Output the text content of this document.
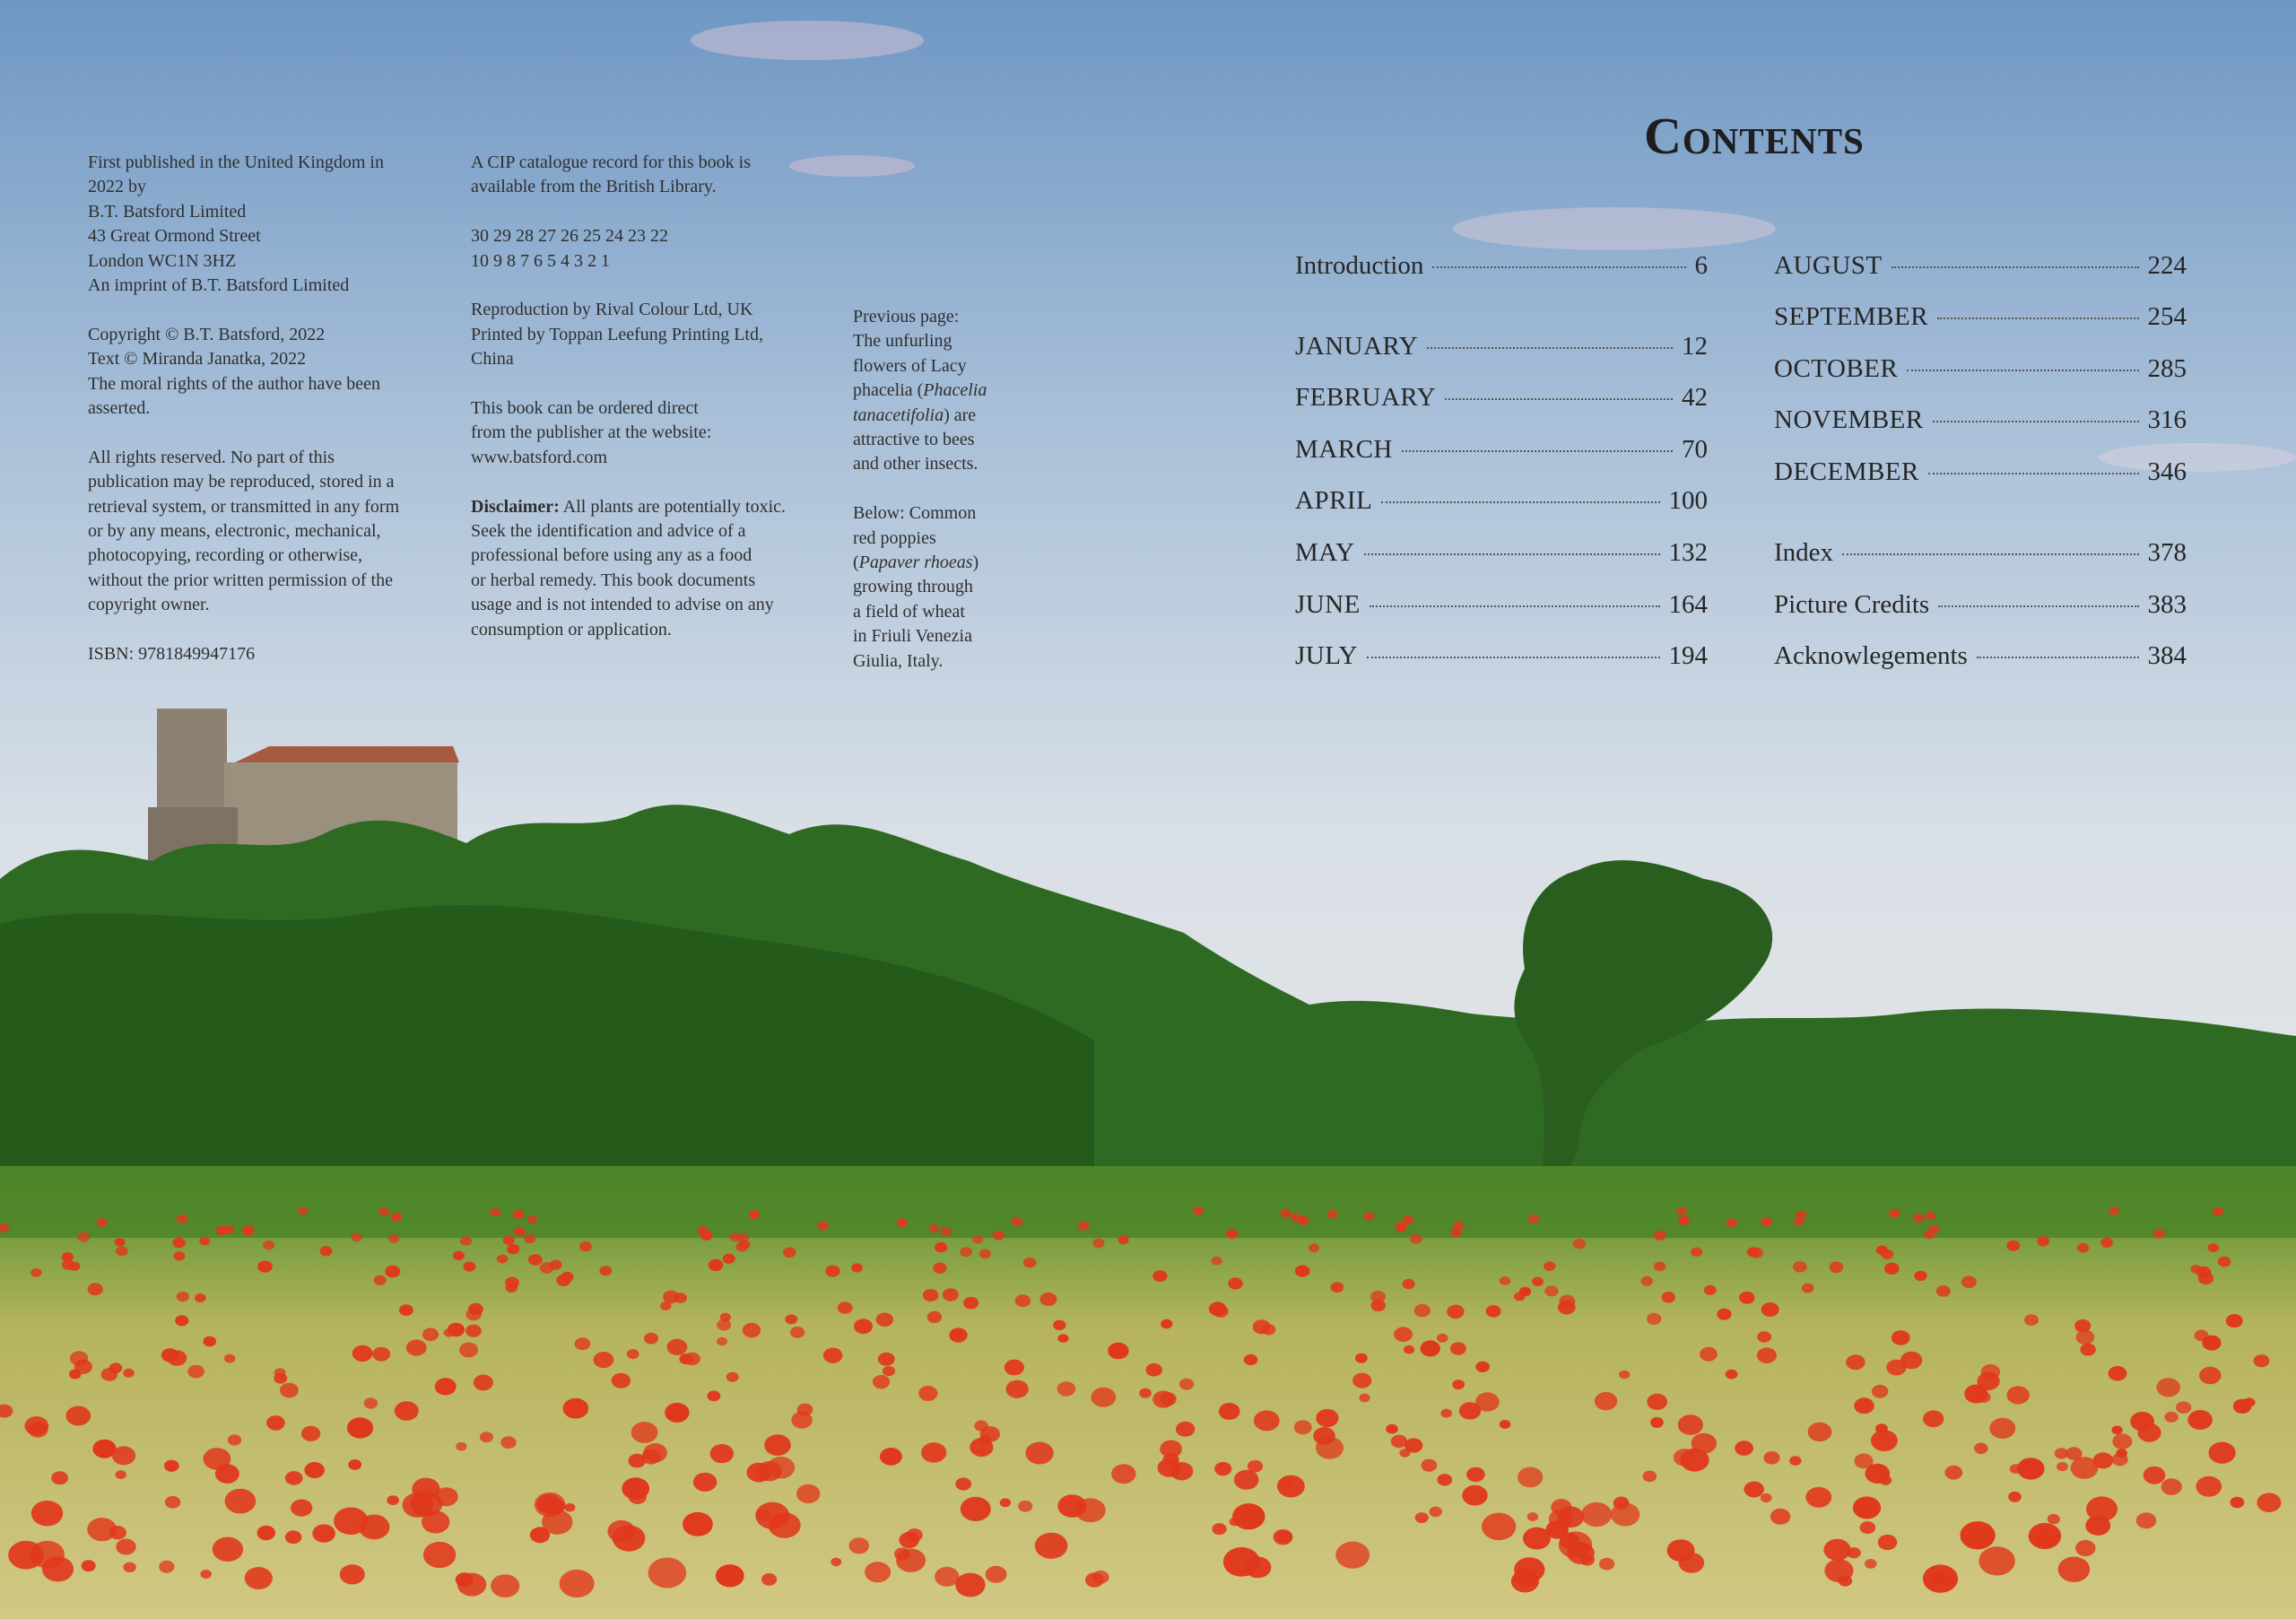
First published in the United Kingdom in
2022 by
B.T. Batsford Limited
43 Great Ormond Street
London WC1N 3HZ
An imprint of B.T. Batsford Limited

Copyright © B.T. Batsford, 2022
Text © Miranda Janatka, 2022
The moral rights of the author have been
asserted.

All rights reserved. No part of this
publication may be reproduced, stored in a
retrieval system, or transmitted in any form
or by any means, electronic, mechanical,
photocopying, recording or otherwise,
without the prior written permission of the
copyright owner.

ISBN: 9781849947176

A CIP catalogue record for this book is
available from the British Library.

30 29 28 27 26 25 24 23 22
10 9 8 7 6 5 4 3 2 1

Reproduction by Rival Colour Ltd, UK
Printed by Toppan Leefung Printing Ltd,
China

This book can be ordered direct
from the publisher at the website:
www.batsford.com

Disclaimer: All plants are potentially toxic.
Seek the identification and advice of a
professional before using any as a food
or herbal remedy. This book documents
usage and is not intended to advise on any
consumption or application.

Previous page:
The unfurling
flowers of Lacy
phacelia (Phacelia
tanacetifolia) are
attractive to bees
and other insects.

Below: Common
red poppies
(Papaver rhoeas)
growing through
a field of wheat
in Friuli Venezia
Giulia, Italy.

Contents
Introduction	6
JANUARY	12
FEBRUARY	42
MARCH	70
APRIL	100
MAY	132
JUNE	164
JULY	194
AUGUST	224
SEPTEMBER	254
OCTOBER	285
NOVEMBER	316
DECEMBER	346
Index	378
Picture Credits	383
Acknowlegements	384
